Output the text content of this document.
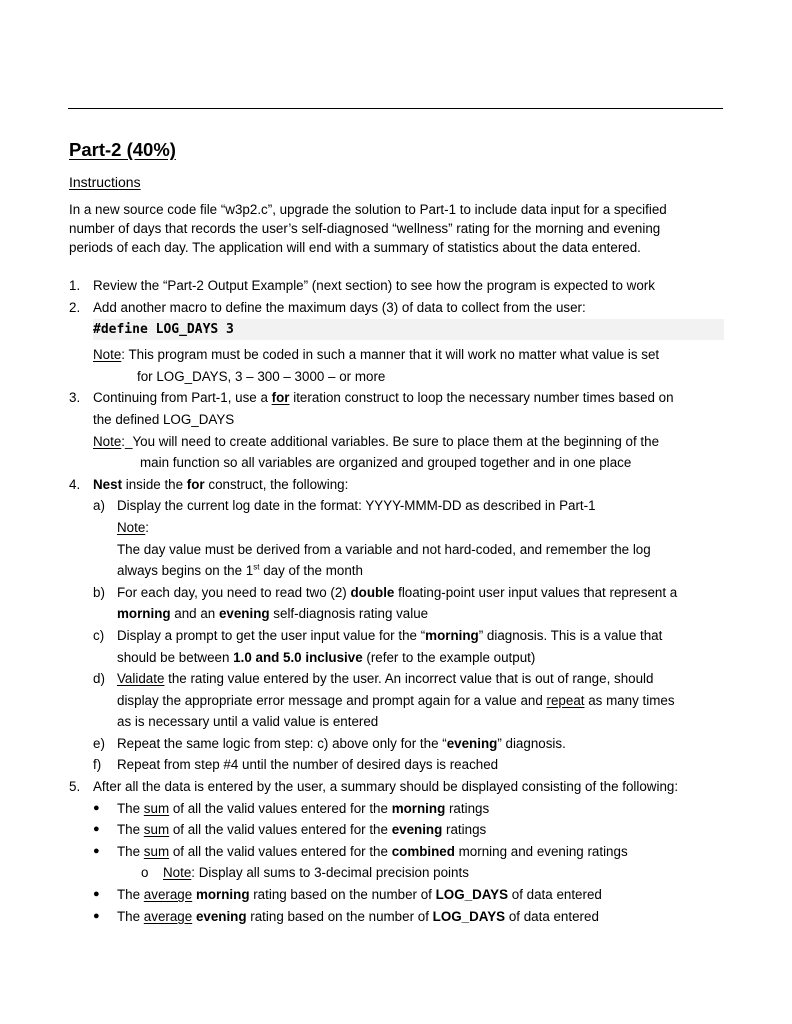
Part-2 (40%)
Instructions

In a new source code file “w3p2.c”, upgrade the solution to Part-1 to include data input for a specified

number of days that records the user’s self-diagnosed “wellness” rating for the morning and evening

periods of each day. The application will end with a summary of statistics about the data entered.

1. Review the “Part-2 Output Example” (next section) to see how the program is expected to work
2. Add another macro to define the maximum days (3) of data to collect from the user:
#define LOG_DAYS 3
Note: This program must be coded in such a manner that it will work no matter what value is set
for LOG_DAYS, 3 – 300 – 3000 – or more
3. Continuing from Part-1, use a for iteration construct to loop the necessary number times based on
the defined LOG_DAYS
Note:_You will need to create additional variables. Be sure to place them at the beginning of the
main function so all variables are organized and grouped together and in one place
4. Nest inside the for construct, the following:
a) Display the current log date in the format: YYYY-MMM-DD as described in Part-1
Note:
The day value must be derived from a variable and not hard-coded, and remember the log
always begins on the 1st day of the month
b) For each day, you need to read two (2) double floating-point user input values that represent a
morning and an evening self-diagnosis rating value
c) Display a prompt to get the user input value for the “morning” diagnosis. This is a value that
should be between 1.0 and 5.0 inclusive (refer to the example output)
d) Validate the rating value entered by the user. An incorrect value that is out of range, should
display the appropriate error message and prompt again for a value and repeat as many times
as is necessary until a valid value is entered
e) Repeat the same logic from step: c) above only for the “evening” diagnosis.
f) Repeat from step #4 until the number of desired days is reached
5. After all the data is entered by the user, a summary should be displayed consisting of the following:
● The sum of all the valid values entered for the morning ratings
● The sum of all the valid values entered for the evening ratings
● The sum of all the valid values entered for the combined morning and evening ratings
o Note: Display all sums to 3-decimal precision points
● The average morning rating based on the number of LOG_DAYS of data entered
● The average evening rating based on the number of LOG_DAYS of data entered
